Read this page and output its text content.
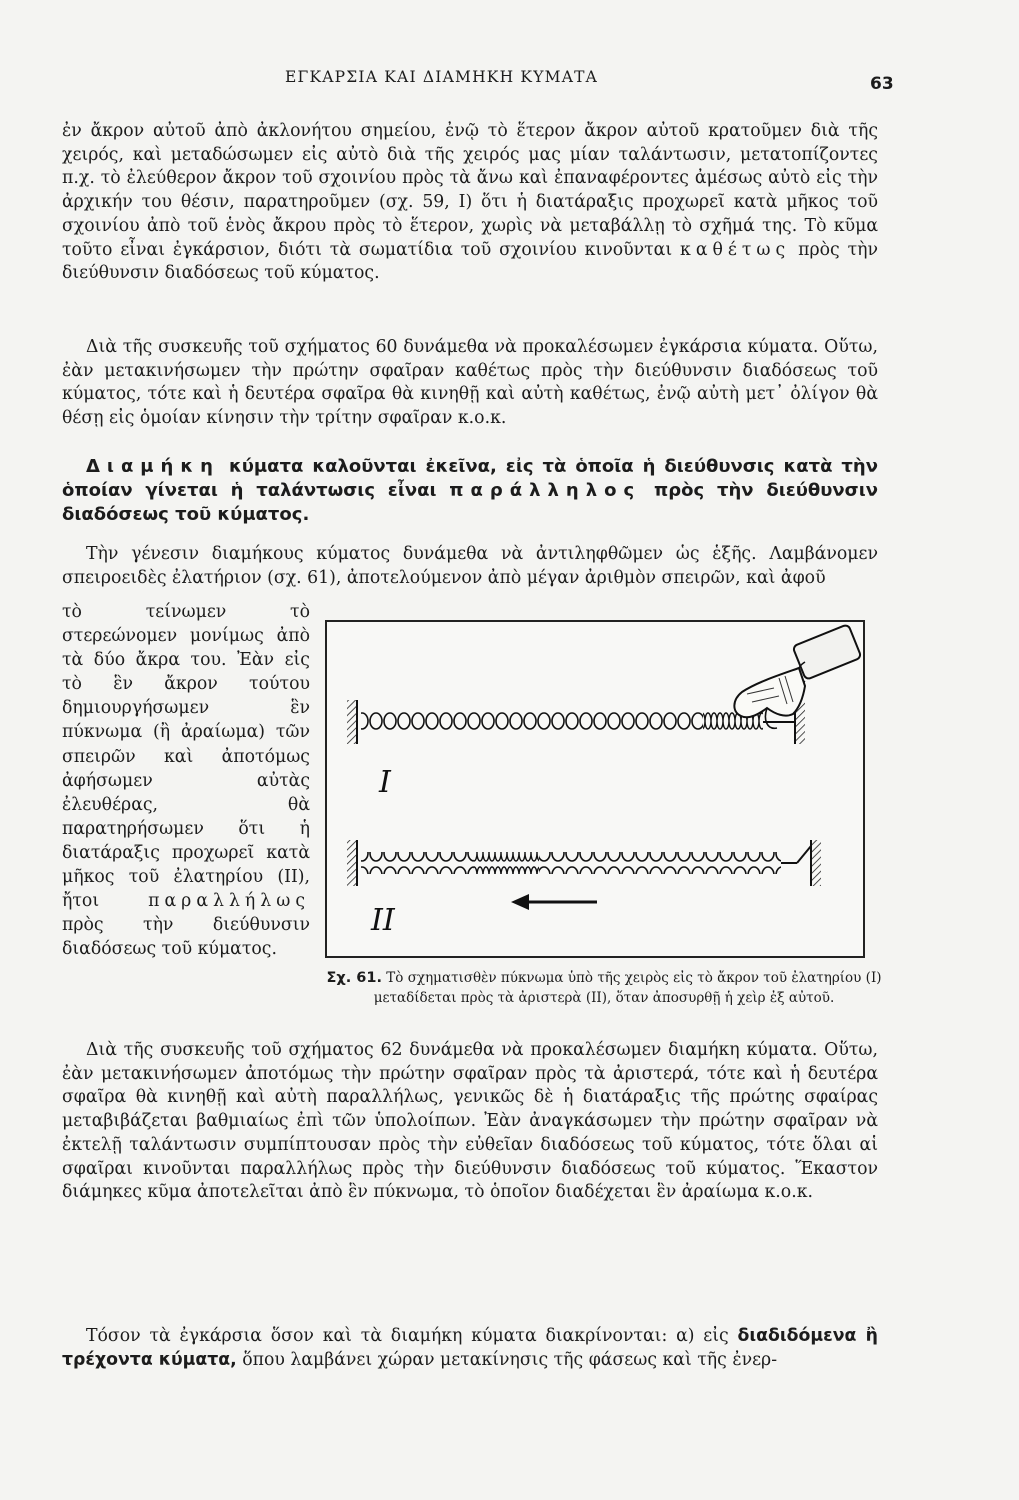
ΕΓΚΑΡΣΙΑ ΚΑΙ ΔΙΑΜΗΚΗ ΚΥΜΑΤΑ	63

ἐν ἄκρον αὐτοῦ ἀπὸ ἀκλονήτου σημείου, ἐνῷ τὸ ἕτερον ἄκρον αὐτοῦ κρατοῦμεν διὰ τῆς χειρός, καὶ μεταδώσωμεν εἰς αὐτὸ διὰ τῆς χειρός μας μίαν ταλάντωσιν, μετατοπίζοντες π.χ. τὸ ἐλεύθερον ἄκρον τοῦ σχοινίου πρὸς τὰ ἄνω καὶ ἐπαναφέροντες ἀμέσως αὐτὸ εἰς τὴν ἀρχικήν του θέσιν, παρατηροῦμεν (σχ. 59, Ι) ὅτι ἡ διατάραξις προχωρεῖ κατὰ μῆκος τοῦ σχοινίου ἀπὸ τοῦ ἑνὸς ἄκρου πρὸς τὸ ἕτερον, χωρὶς νὰ μεταβάλλῃ τὸ σχῆμά της. Τὸ κῦμα τοῦτο εἶναι ἐγκάρσιον, διότι τὰ σωματίδια τοῦ σχοινίου κινοῦνται καθέτως πρὸς τὴν διεύθυνσιν διαδόσεως τοῦ κύματος.

Διὰ τῆς συσκευῆς τοῦ σχήματος 60 δυνάμεθα νὰ προκαλέσωμεν ἐγκάρσια κύματα. Οὕτω, ἐὰν μετακινήσωμεν τὴν πρώτην σφαῖραν καθέτως πρὸς τὴν διεύθυνσιν διαδόσεως τοῦ κύματος, τότε καὶ ἡ δευτέρα σφαῖρα θὰ κινηθῇ καὶ αὐτὴ καθέτως, ἐνῷ αὐτὴ μετ᾽ ὀλίγον θὰ θέσῃ εἰς ὁμοίαν κίνησιν τὴν τρίτην σφαῖραν κ.ο.κ.

Διαμήκη κύματα καλοῦνται ἐκεῖνα, εἰς τὰ ὁποῖα ἡ διεύθυνσις κατὰ τὴν ὁποίαν γίνεται ἡ ταλάντωσις εἶναι παράλληλος πρὸς τὴν διεύθυνσιν διαδόσεως τοῦ κύματος.

Τὴν γένεσιν διαμήκους κύματος δυνάμεθα νὰ ἀντιληφθῶμεν ὡς ἑξῆς. Λαμβάνομεν σπειροειδὲς ἐλατήριον (σχ. 61), ἀποτελούμενον ἀπὸ μέγαν ἀριθμὸν σπειρῶν, καὶ ἀφοῦ

τὸ τείνωμεν τὸ στερεώνομεν μονίμως ἀπὸ τὰ δύο ἄκρα του. Ἐὰν εἰς τὸ ἓν ἄκρον τούτου δημιουργήσωμεν ἓν πύκνωμα (ἢ ἀραίωμα) τῶν σπειρῶν καὶ ἀποτόμως ἀφήσωμεν αὐτὰς ἐλευθέρας, θὰ παρατηρήσωμεν ὅτι ἡ διατάραξις προχωρεῖ κατὰ μῆκος τοῦ ἐλατηρίου (ΙΙ), ἤτοι	παραλλήλως πρὸς τὴν διεύθυνσιν διαδόσεως τοῦ κύματος.
I
II
Σχ. 61. Τὸ σχηματισθὲν πύκνωμα ὑπὸ τῆς χειρὸς εἰς τὸ ἄκρον τοῦ ἐλατηρίου (Ι) μεταδίδεται πρὸς τὰ ἀριστερὰ (ΙΙ), ὅταν ἀποσυρθῇ ἡ χεὶρ ἐξ αὐτοῦ.

Διὰ τῆς συσκευῆς τοῦ σχήματος 62 δυνάμεθα νὰ προκαλέσωμεν διαμήκη κύματα. Οὕτω, ἐὰν μετακινήσωμεν ἀποτόμως τὴν πρώτην σφαῖραν πρὸς τὰ ἀριστερά, τότε καὶ ἡ δευτέρα σφαῖρα θὰ κινηθῇ καὶ αὐτὴ παραλλήλως, γενικῶς δὲ ἡ διατάραξις τῆς πρώτης σφαίρας μεταβιβάζεται βαθμιαίως ἐπὶ τῶν ὑπολοίπων. Ἐὰν ἀναγκάσωμεν τὴν πρώτην σφαῖραν νὰ ἐκτελῇ ταλάντωσιν συμπίπτουσαν πρὸς τὴν εὐθεῖαν διαδόσεως τοῦ κύματος, τότε ὅλαι αἱ σφαῖραι κινοῦνται παραλλήλως πρὸς τὴν διεύθυνσιν διαδόσεως τοῦ κύματος. Ἕκαστον διάμηκες κῦμα ἀποτελεῖται ἀπὸ ἓν πύκνωμα, τὸ ὁποῖον διαδέχεται ἓν ἀραίωμα κ.ο.κ.

Τόσον τὰ ἐγκάρσια ὅσον καὶ τὰ διαμήκη κύματα διακρίνονται: α) εἰς διαδιδόμενα ἢ τρέχοντα κύματα, ὅπου λαμβάνει χώραν μετακίνησις τῆς φάσεως καὶ τῆς ἐνερ-
